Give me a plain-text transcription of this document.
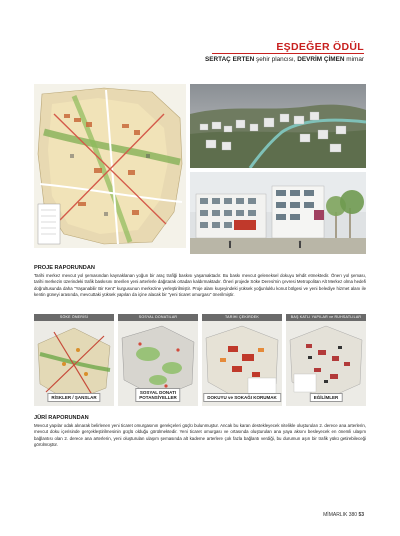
EŞDEĞER ÖDÜL
SERTAÇ ERTEN şehir plancısı, DEVRİM ÇİMEN mimar
PROJE RAPORUNDAN
Tarihi merkez mevcut yol şemasından kaynaklanan yoğun bir araç trafiği baskısı yaşamaktadır. Bu baskı mevcut geleneksel dokuyu tehdit etmektedir. Önerı yol şeması, tarihi merkezin üzerindeki trafik baskısını önerilen yeni arterlerle dağıtarak ortadan kaldırmaktadır. Öneri projede Söke Deresi'nin çevresi Metropolitan Alt Merkez olma hedefi doğrultusunda daha "Yaşanabilir Bir Kent" kurgusunun merkezine yerleştirilmiştir. Proje alanı kuşeyindeki yüksek yoğunluklu konut bölgesi ve yeni belediye hizmet alanı ile kentin güneyi arasında, mevcuttaki yüksek yapılan da içine alacak bir "yeni ticaret omurgası" önerilmiştir.
SÖKE ÖNERİSİ
RİSKLER / ŞANSLAR
SOSYAL DONATILAR
SOSYAL DONATI
POTANSİYELLER
TARİHİ ÇEKİRDEK
DOKUYU ve SOKAĞI KORUMAK
BAŞ KATLI YAPILAR ve RUHSATLILAR
EĞİLİMLER
JÜRİ RAPORUNDAN
Mevcut yapılar odak alınarak belirlenen yeni ticaret omurgasının gerekçeleri güçlü bulunmuştur. Ancak bu karan destekleyecek nitelikle oluşturulan 2. derece ana arterlerin, mevcut doku içerisinde gerçekleştirilmesinin güçlü olduğu görülmektedir. Yeni ticaret omurgası ve ortasında oluşturulan ana yaya aksını besleyecek en önemli ulaşım bağlantısı olan 2. derece ana arterlerin, yeni oluşturulan ulaşım şemasında alt kademe arterlere çok fazla bağlantı verdiği, bu durumun aşırı bir trafik yükü getirebileceği görülmüştür.
MİMARLIK 380 53
